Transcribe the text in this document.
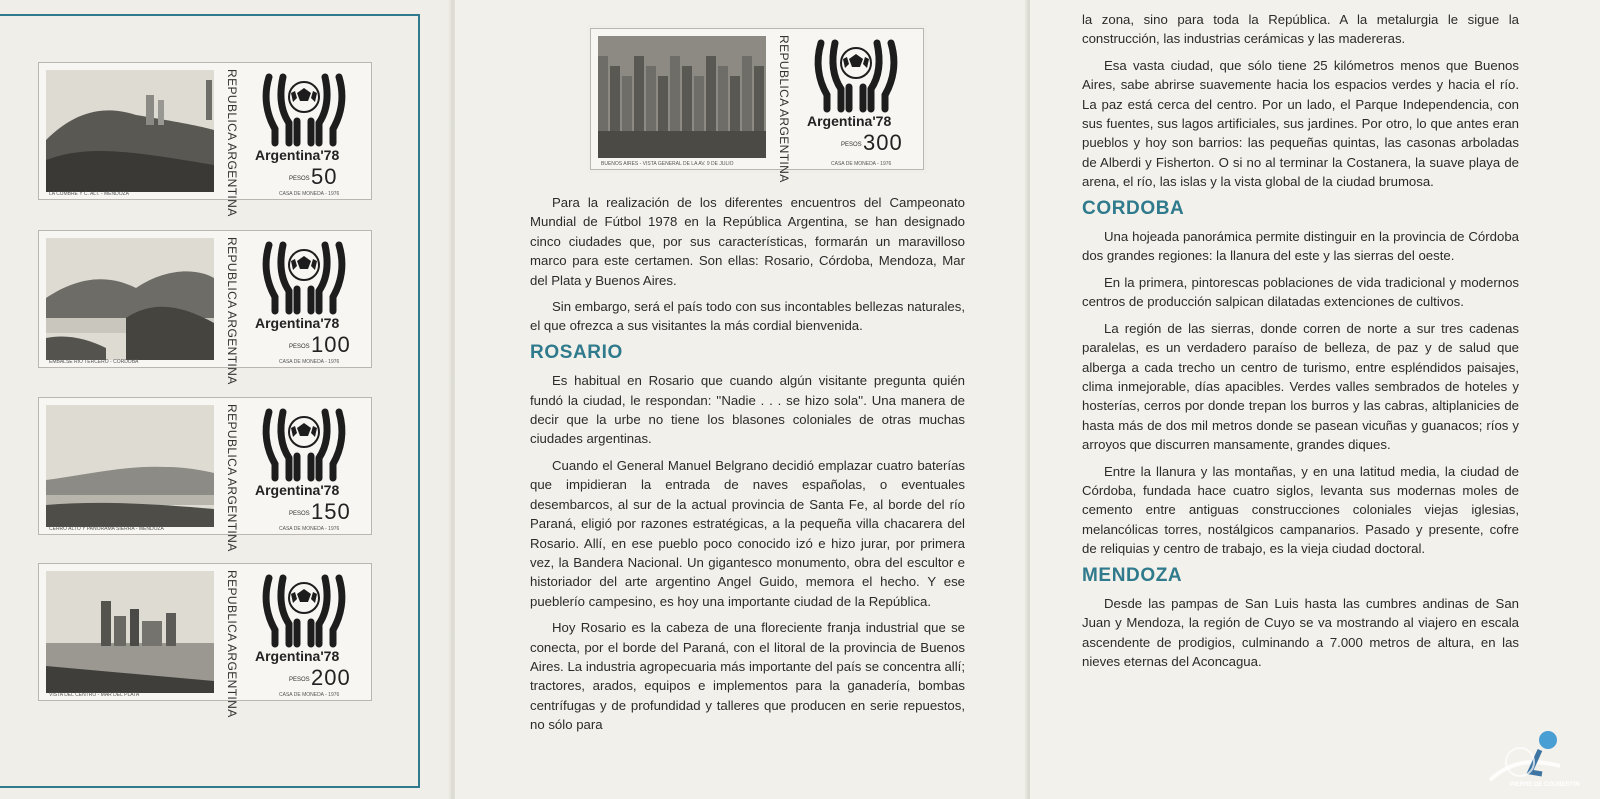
Para la realización de los diferentes encuentros del Campeonato Mundial de Fútbol 1978 en la República Argentina, se han designado cinco ciudades que, por sus características, formarán un maravilloso marco para este certamen. Son ellas: Rosario, Córdoba, Mendoza, Mar del Plata y Buenos Aires.

Sin embargo, será el país todo con sus incontables bellezas naturales, el que ofrezca a sus visitantes la más cordial bienvenida.

ROSARIO

Es habitual en Rosario que cuando algún visitante pregunta quién fundó la ciudad, le respondan: ''Nadie . . . se hizo sola''. Una manera de decir que la urbe no tiene los blasones coloniales de otras muchas ciudades argentinas.

Cuando el General Manuel Belgrano decidió emplazar cuatro baterías que impidieran la entrada de naves españolas, o eventuales desembarcos, al sur de la actual provincia de Santa Fe, al borde del río Paraná, eligió por razones estratégicas, a la pequeña villa chacarera del Rosario. Allí, en ese pueblo poco conocido izó e hizo jurar, por primera vez, la Bandera Nacional. Un gigantesco monumento, obra del escultor e historiador del arte argentino Angel Guido, memora el hecho. Y ese pueblerío campesino, es hoy una importante ciudad de la República.

Hoy Rosario es la cabeza de una floreciente franja industrial que se conecta, por el borde del Paraná, con el litoral de la provincia de Buenos Aires. La industria agropecuaria más importante del país se concentra allí; tractores, arados, equipos e implementos para la ganadería, bombas centrífugas y de profundidad y talleres que producen en serie repuestos, no sólo para

la zona, sino para toda la República. A la metalurgia le sigue la construcción, las industrias cerámicas y las madereras.

Esa vasta ciudad, que sólo tiene 25 kilómetros menos que Buenos Aires, sabe abrirse suavemente hacia los espacios verdes y hacia el río. La paz está cerca del centro. Por un lado, el Parque Independencia, con sus fuentes, sus lagos artificiales, sus jardines. Por otro, lo que antes eran pueblos y hoy son barrios: las pequeñas quintas, las casonas arboladas de Alberdi y Fisherton. O si no al terminar la Costanera, la suave playa de arena, el río, las islas y la vista global de la ciudad brumosa.

CORDOBA

Una hojeada panorámica permite distinguir en la provincia de Córdoba dos grandes regiones: la llanura del este y las sierras del oeste.

En la primera, pintorescas poblaciones de vida tradicional y modernos centros de producción salpican dilatadas extenciones de cultivos.

La región de las sierras, donde corren de norte a sur tres cadenas paralelas, es un verdadero paraíso de belleza, de paz y de salud que alberga a cada trecho un centro de turismo, entre espléndidos paisajes, clima inmejorable, días apacibles. Verdes valles sembrados de hoteles y hosterías, cerros por donde trepan los burros y las cabras, altiplanicies de hasta más de dos mil metros donde se pasean vicuñas y guanacos; ríos y arroyos que discurren mansamente, grandes diques.

Entre la llanura y las montañas, y en una latitud media, la ciudad de Córdoba, fundada hace cuatro siglos, levanta sus modernas moles de cemento entre antiguas construcciones coloniales viejas iglesias, melancólicas torres, nostálgicos campanarios. Pasado y presente, cofre de reliquias y centro de trabajo, es la vieja ciudad doctoral.

MENDOZA

Desde las pampas de San Luis hasta las cumbres andinas de San Juan y Mendoza, la región de Cuyo se va mostrando al viajero en escala ascendente de prodigios, culminando a 7.000 metros de altura, en las nieves eternas del Aconcagua.

PIERRE DE COUBERTIN
REPUBLICA ARGENTINA Argentina'78
PESOS 50
LA CUMBRE Y C. ALT. - MENDOZA	CASA DE MONEDA - 1976
REPUBLICA ARGENTINA Argentina'78
PESOS 100
EMBALSE RIO TERCERO - CORDOBA	CASA DE MONEDA - 1976
REPUBLICA ARGENTINA Argentina'78
PESOS 150
CERRO ALTO Y PANORAMA SIERRA - MENDOZA	CASA DE MONEDA - 1976
REPUBLICA ARGENTINA Argentina'78
PESOS 200
VISTA DEL CENTRO - MAR DEL PLATA	CASA DE MONEDA - 1976
REPUBLICA ARGENTINA Argentina'78
PESOS 300
BUENOS AIRES - VISTA GENERAL DE LA AV. 9 DE JULIO	CASA DE MONEDA - 1976
